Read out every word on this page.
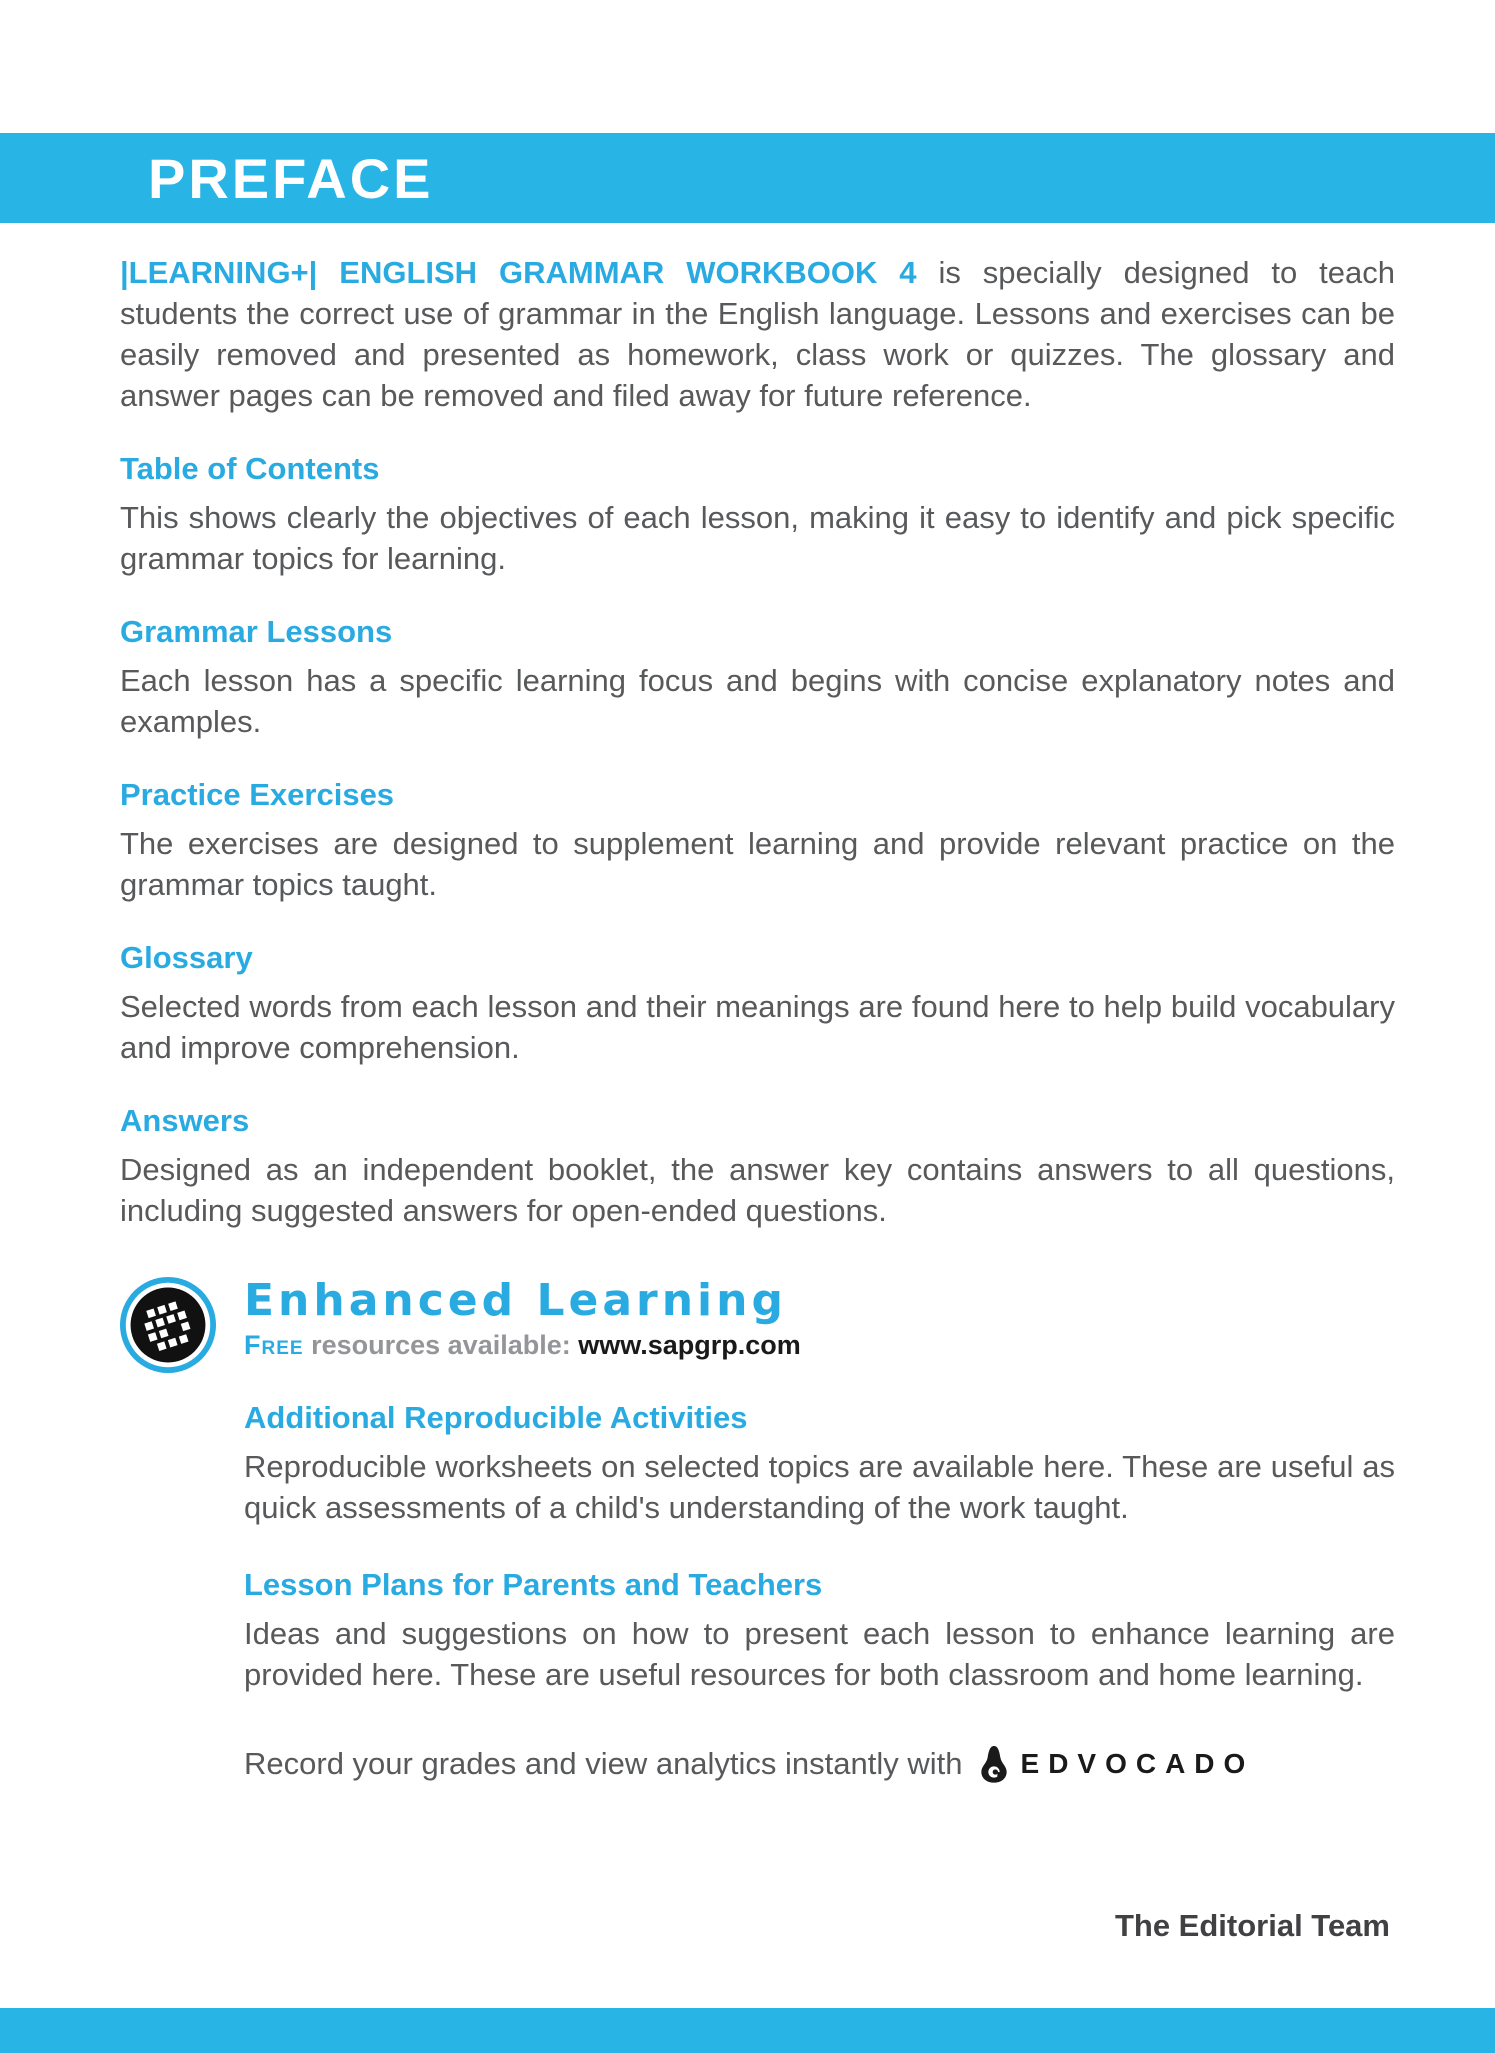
PREFACE

|LEARNING+| ENGLISH GRAMMAR WORKBOOK 4 is specially designed to teach students the correct use of grammar in the English language. Lessons and exercises can be easily removed and presented as homework, class work or quizzes. The glossary and answer pages can be removed and filed away for future reference.

Table of Contents

This shows clearly the objectives of each lesson, making it easy to identify and pick specific grammar topics for learning.

Grammar Lessons

Each lesson has a specific learning focus and begins with concise explanatory notes and examples.

Practice Exercises

The exercises are designed to supplement learning and provide relevant practice on the grammar topics taught.

Glossary

Selected words from each lesson and their meanings are found here to help build vocabulary and improve comprehension.

Answers

Designed as an independent booklet, the answer key contains answers to all questions, including suggested answers for open-ended questions.

Enhanced Learning
Free resources available: www.sapgrp.com
Additional Reproducible Activities

Reproducible worksheets on selected topics are available here. These are useful as quick assessments of a child's understanding of the work taught.

Lesson Plans for Parents and Teachers

Ideas and suggestions on how to present each lesson to enhance learning are provided here. These are useful resources for both classroom and home learning.

Record your grades and view analytics instantly with EDVOCADO
The Editorial Team
